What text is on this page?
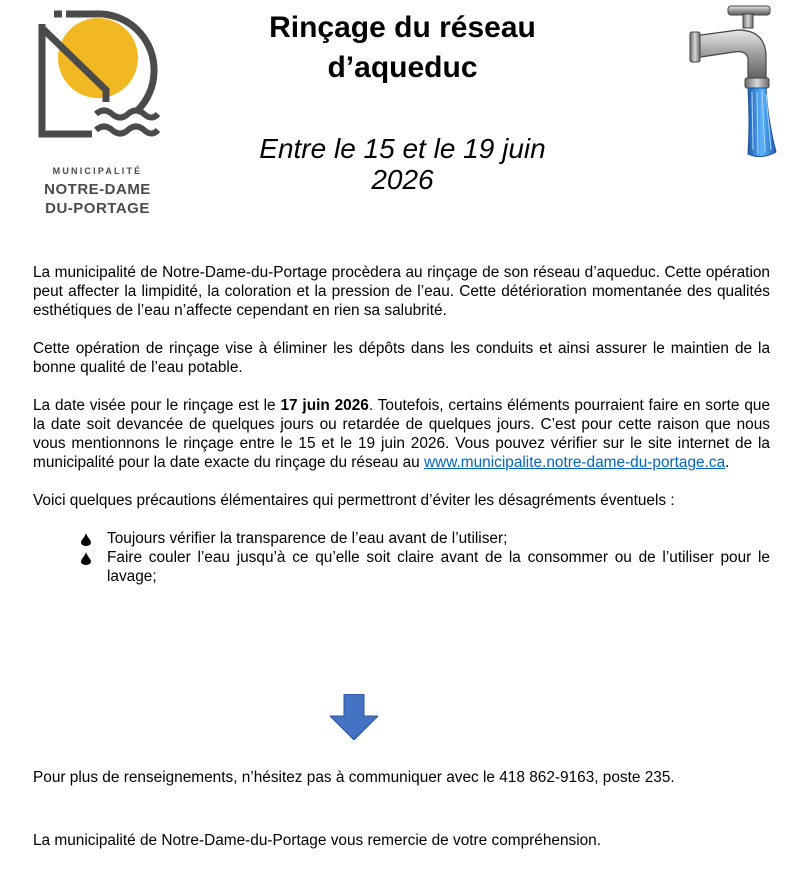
MUNICIPALITÉ
NOTRE-DAME
DU-PORTAGE
Rinçage du réseau
d’aqueduc

Entre le 15 et le 19 juin
2026

La municipalité de Notre-Dame-du-Portage procèdera au rinçage de son réseau d’aqueduc. Cette opération peut affecter la limpidité, la coloration et la pression de l’eau. Cette détérioration momentanée des qualités esthétiques de l’eau n’affecte cependant en rien sa salubrité.

Cette opération de rinçage vise à éliminer les dépôts dans les conduits et ainsi assurer le maintien de la bonne qualité de l’eau potable.

La date visée pour le rinçage est le 17 juin 2026. Toutefois, certains éléments pourraient faire en sorte que la date soit devancée de quelques jours ou retardée de quelques jours. C’est pour cette raison que nous vous mentionnons le rinçage entre le 15 et le 19 juin 2026. Vous pouvez vérifier sur le site internet de la municipalité pour la date exacte du rinçage du réseau au www.municipalite.notre-dame-du-portage.ca.

Voici quelques précautions élémentaires qui permettront d’éviter les désagréments éventuels :

Toujours vérifier la transparence de l’eau avant de l’utiliser;
Faire couler l’eau jusqu’à ce qu’elle soit claire avant de la consommer ou de l’utiliser pour le lavage;

Pour plus de renseignements, n’hésitez pas à communiquer avec le 418 862-9163, poste 235.

La municipalité de Notre-Dame-du-Portage vous remercie de votre compréhension.
